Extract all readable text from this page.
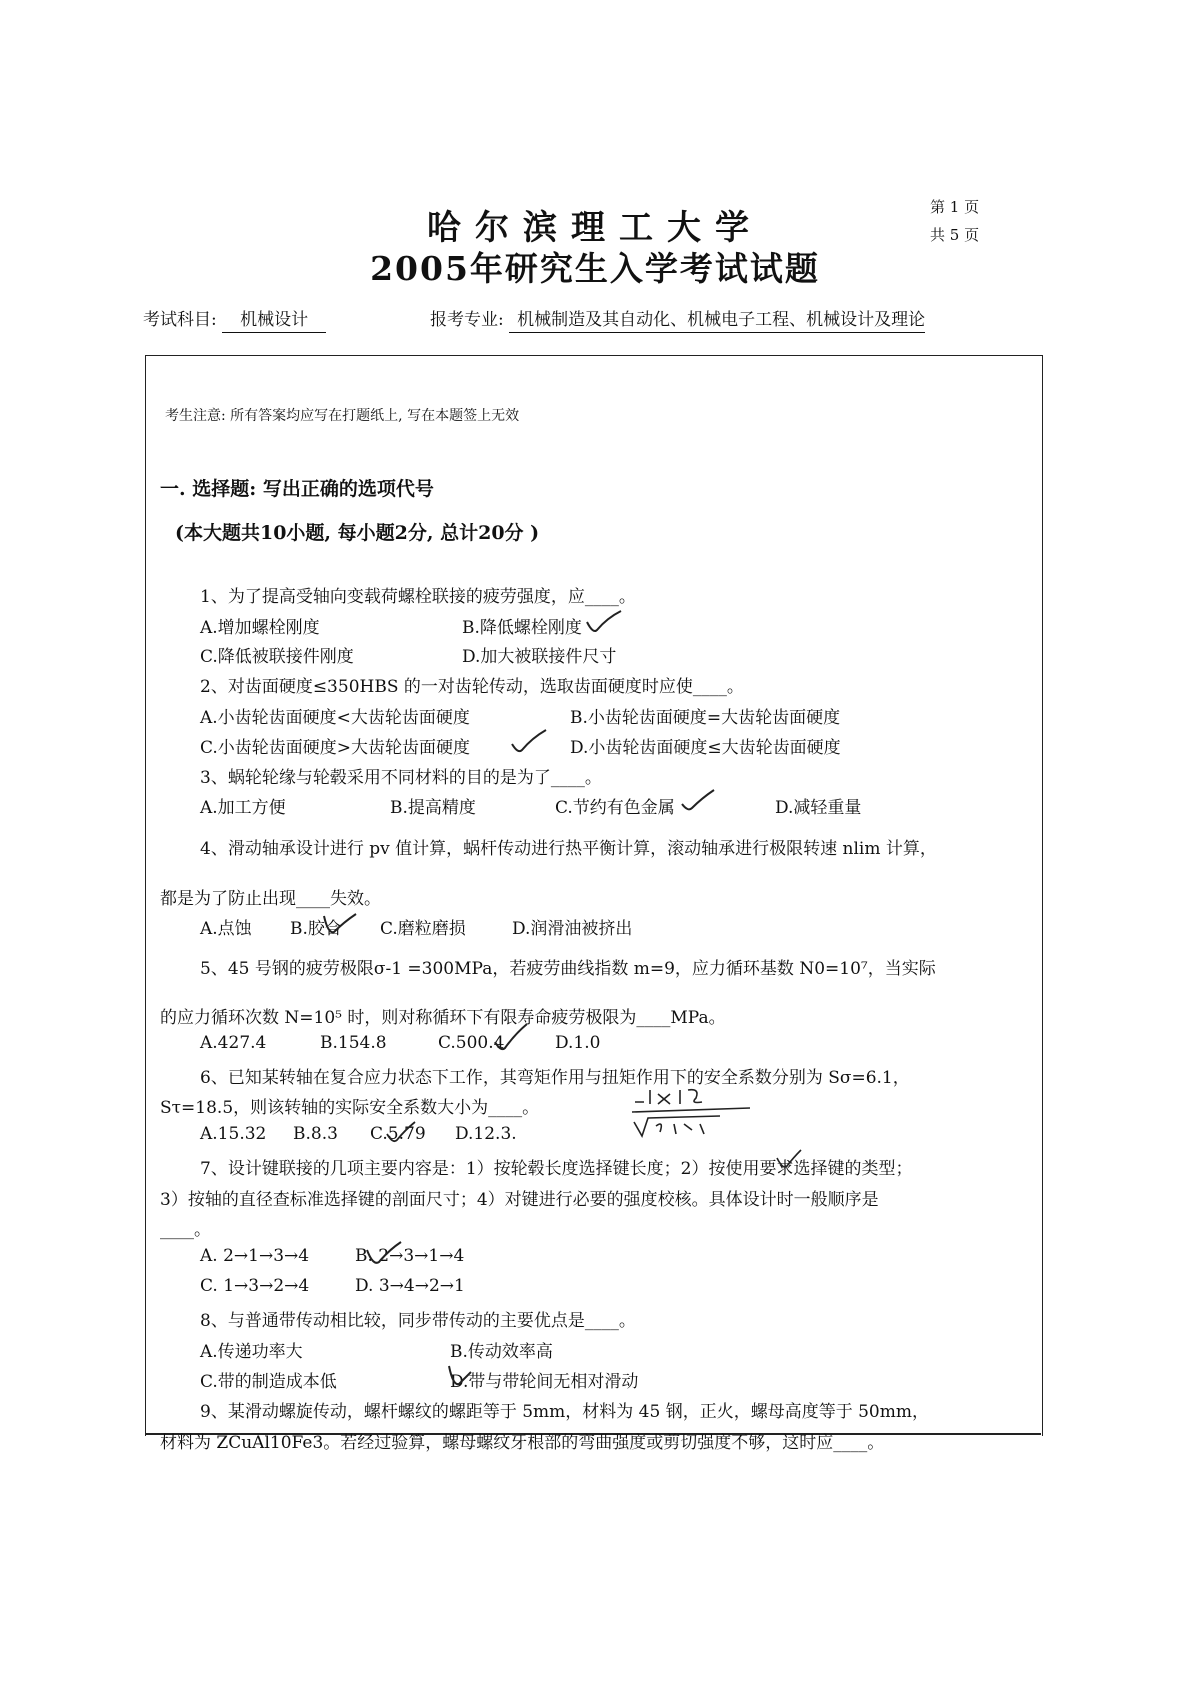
哈尔滨理工大学
2005年研究生入学考试试题
第 1 页
共 5 页
考试科目: 机械设计	报考专业: 机械制造及其自动化、机械电子工程、机械设计及理论
考生注意: 所有答案均应写在打题纸上, 写在本题签上无效
一. 选择题: 写出正确的选项代号
(本大题共10小题, 每小题2分, 总计20分 )
1、为了提高受轴向变载荷螺栓联接的疲劳强度，应____。
A.增加螺栓刚度	B.降低螺栓刚度
C.降低被联接件刚度	D.加大被联接件尺寸
2、对齿面硬度≤350HBS 的一对齿轮传动，选取齿面硬度时应使____。
A.小齿轮齿面硬度<大齿轮齿面硬度	B.小齿轮齿面硬度=大齿轮齿面硬度
C.小齿轮齿面硬度>大齿轮齿面硬度	D.小齿轮齿面硬度≤大齿轮齿面硬度
3、蜗轮轮缘与轮毂采用不同材料的目的是为了____。
A.加工方便	B.提高精度	C.节约有色金属	D.减轻重量
4、滑动轴承设计进行 pv 值计算，蜗杆传动进行热平衡计算，滚动轴承进行极限转速 nlim 计算，
都是为了防止出现____失效。
A.点蚀 B.胶合 C.磨粒磨损	D.润滑油被挤出
5、45 号钢的疲劳极限σ-1 =300MPa，若疲劳曲线指数 m=9，应力循环基数 N0=10⁷，当实际
的应力循环次数 N=10⁵ 时，则对称循环下有限寿命疲劳极限为____MPa。
A.427.4	B.154.8	C.500.4	D.1.0
6、已知某转轴在复合应力状态下工作，其弯矩作用与扭矩作用下的安全系数分别为 Sσ=6.1，
Sτ=18.5，则该转轴的实际安全系数大小为____。
A.15.32 B.8.3 C.5.79 D.12.3.
7、设计键联接的几项主要内容是：1）按轮毂长度选择键长度；2）按使用要求选择键的类型；
3）按轴的直径查标准选择键的剖面尺寸；4）对键进行必要的强度校核。具体设计时一般顺序是
____。
A. 2→1→3→4	B. 2→3→1→4
C. 1→3→2→4	D. 3→4→2→1
8、与普通带传动相比较，同步带传动的主要优点是____。
A.传递功率大	B.传动效率高
C.带的制造成本低	D.带与带轮间无相对滑动
9、某滑动螺旋传动，螺杆螺纹的螺距等于 5mm，材料为 45 钢，正火，螺母高度等于 50mm，
材料为 ZCuAl10Fe3。若经过验算，螺母螺纹牙根部的弯曲强度或剪切强度不够，这时应____。
